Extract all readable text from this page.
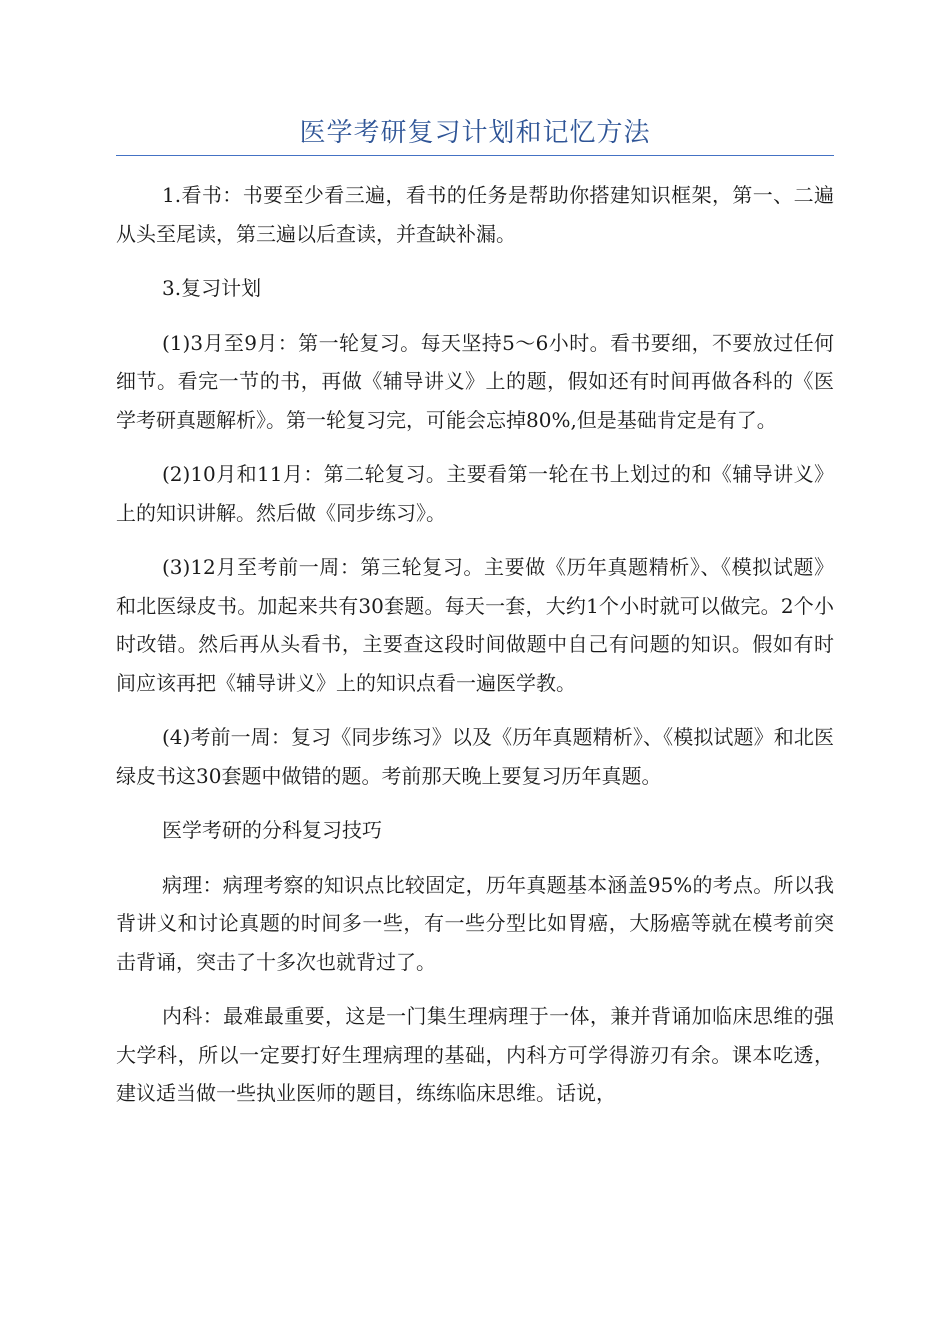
医学考研复习计划和记忆方法

1.看书：书要至少看三遍，看书的任务是帮助你搭建知识框架，第一、二遍从头至尾读，第三遍以后查读，并查缺补漏。

3.复习计划

(1)3月至9月：第一轮复习。每天坚持5～6小时。看书要细，不要放过任何细节。看完一节的书，再做《辅导讲义》上的题，假如还有时间再做各科的《医学考研真题解析》。第一轮复习完，可能会忘掉80%,但是基础肯定是有了。

(2)10月和11月：第二轮复习。主要看第一轮在书上划过的和《辅导讲义》上的知识讲解。然后做《同步练习》。

(3)12月至考前一周：第三轮复习。主要做《历年真题精析》、《模拟试题》和北医绿皮书。加起来共有30套题。每天一套，大约1个小时就可以做完。2个小时改错。然后再从头看书，主要查这段时间做题中自己有问题的知识。假如有时间应该再把《辅导讲义》上的知识点看一遍医学教。

(4)考前一周：复习《同步练习》以及《历年真题精析》、《模拟试题》和北医绿皮书这30套题中做错的题。考前那天晚上要复习历年真题。

医学考研的分科复习技巧

病理：病理考察的知识点比较固定，历年真题基本涵盖95%的考点。所以我背讲义和讨论真题的时间多一些，有一些分型比如胃癌，大肠癌等就在模考前突击背诵，突击了十多次也就背过了。

内科：最难最重要，这是一门集生理病理于一体，兼并背诵加临床思维的强大学科，所以一定要打好生理病理的基础，内科方可学得游刃有余。课本吃透，建议适当做一些执业医师的题目，练练临床思维。话说，
